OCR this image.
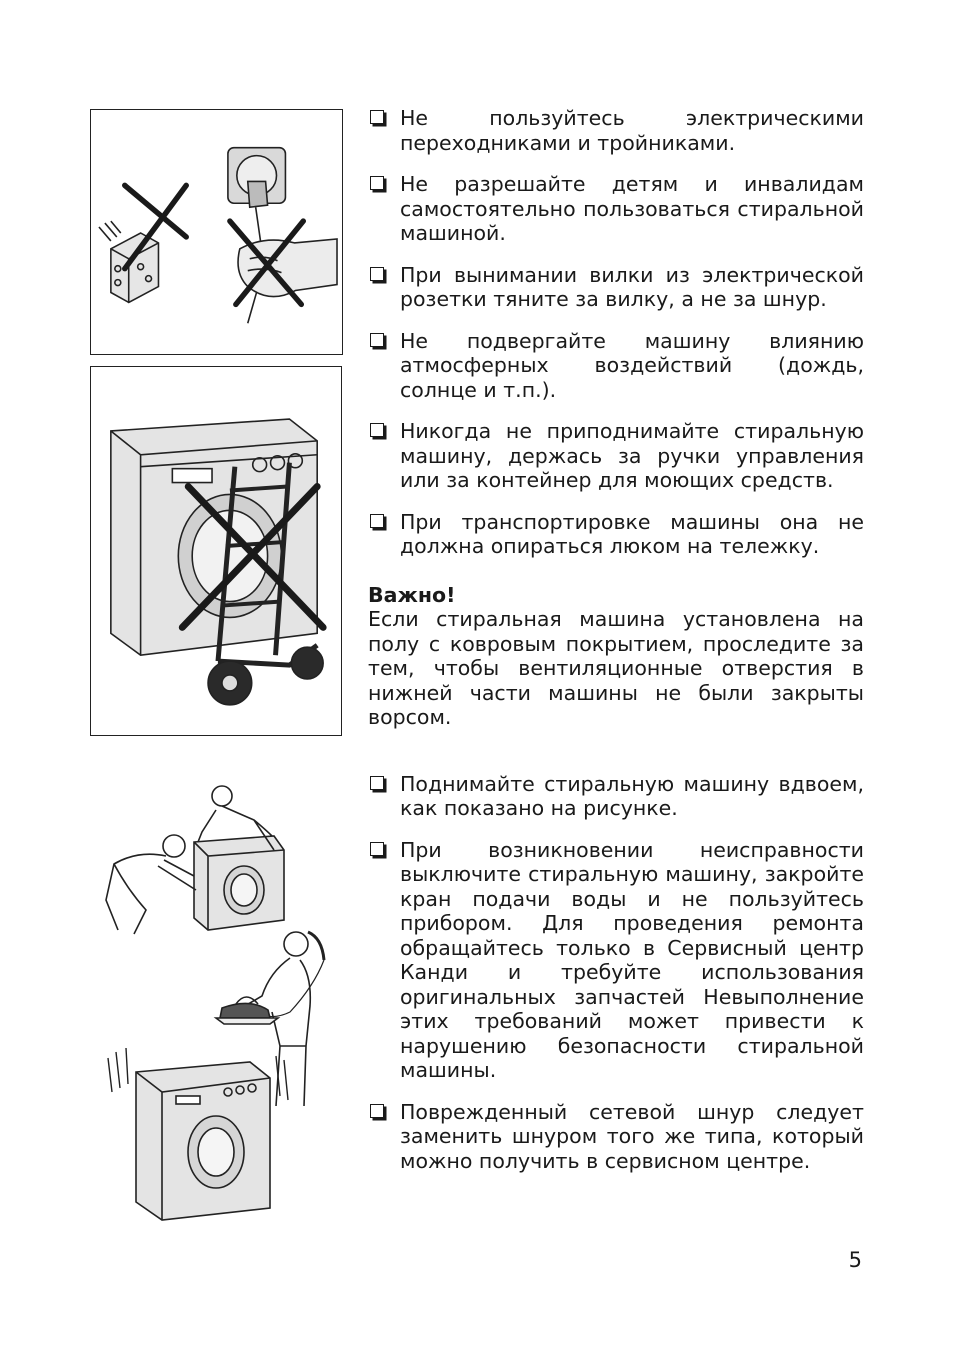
Не пользуйтесь электрическими переходниками и тройниками.
Не разрешайте детям и инвалидам самостоятельно пользоваться стиральной машиной.
При вынимании вилки из электрической розетки тяните за вилку, а не за шнур.
Не подвергайте машину влиянию атмосферных воздействий (дождь, солнце и т.п.).
Никогда не приподнимайте стиральную машину, держась за ручки управления или за контейнер для моющих средств.
При транспортировке машины она не должна опираться люком на тележку.
Важно!
Если стиральная машина установлена на полу с ковровым покрытием, проследите за тем, чтобы вентиляционные отверстия в нижней части машины не были закрыты ворсом.
Поднимайте стиральную машину вдвоем, как показано на рисунке.
При возникновении неисправности выключите стиральную машину, закройте кран подачи воды и не пользуйтесь прибором. Для проведения ремонта обращайтесь только в Сервисный центр Канди и требуйте использования оригинальных запчастей Невыполнение этих требований может привести к нарушению безопасности стиральной машины.
Поврежденный сетевой шнур следует заменить шнуром того же типа, который можно получить в сервисном центре.
5
